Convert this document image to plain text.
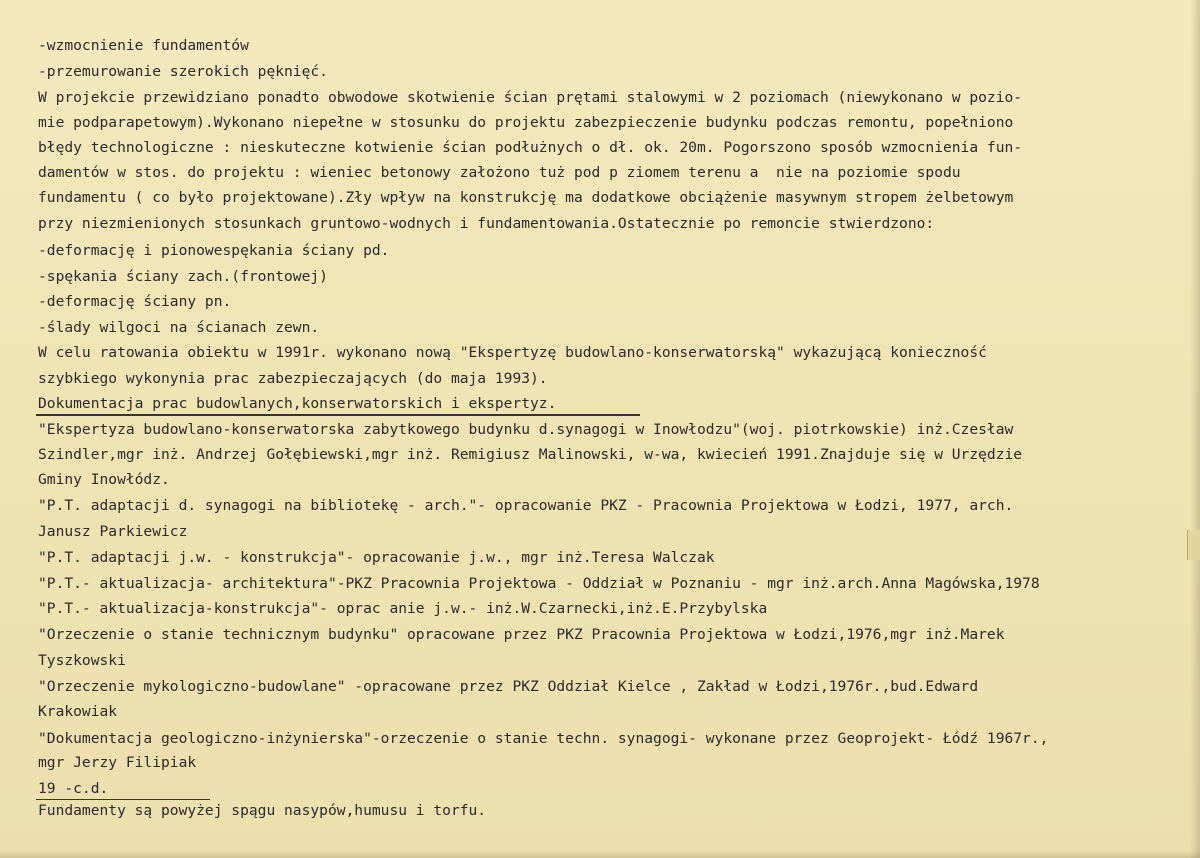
-wzmocnienie fundamentów
-przemurowanie szerokich pęknięć.
W projekcie przewidziano ponadto obwodowe skotwienie ścian prętami stalowymi w 2 poziomach (niewykonano w pozio-
mie podparapetowym).Wykonano niepełne w stosunku do projektu zabezpieczenie budynku podczas remontu, popełniono
błędy technologiczne : nieskuteczne kotwienie ścian podłużnych o dł. ok. 20m. Pogorszono sposób wzmocnienia fun-
damentów w stos. do projektu : wieniec betonowy założono tuż pod p ziomem terenu a  nie na poziomie spodu
fundamentu ( co było projektowane).Zły wpływ na konstrukcję ma dodatkowe obciążenie masywnym stropem żelbetowym
przy niezmienionych stosunkach gruntowo-wodnych i fundamentowania.Ostatecznie po remoncie stwierdzono:
-deformację i pionowespękania ściany pd.
-spękania ściany zach.(frontowej)
-deformację ściany pn.
-ślady wilgoci na ścianach zewn.
W celu ratowania obiektu w 1991r. wykonano nową "Ekspertyzę budowlano-konserwatorską" wykazującą konieczność
szybkiego wykonynia prac zabezpieczających (do maja 1993).
Dokumentacja prac budowlanych,konserwatorskich i ekspertyz.
"Ekspertyza budowlano-konserwatorska zabytkowego budynku d.synagogi w Inowłodzu"(woj. piotrkowskie) inż.Czesław
Szindler,mgr inż. Andrzej Gołębiewski,mgr inż. Remigiusz Malinowski, w-wa, kwiecień 1991.Znajduje się w Urzędzie
Gminy Inowłódz.
"P.T. adaptacji d. synagogi na bibliotekę - arch."- opracowanie PKZ - Pracownia Projektowa w Łodzi, 1977, arch.
Janusz Parkiewicz
"P.T. adaptacji j.w. - konstrukcja"- opracowanie j.w., mgr inż.Teresa Walczak
"P.T.- aktualizacja- architektura"-PKZ Pracownia Projektowa - Oddział w Poznaniu - mgr inż.arch.Anna Magówska,1978
"P.T.- aktualizacja-konstrukcja"- oprac anie j.w.- inż.W.Czarnecki,inż.E.Przybylska
"Orzeczenie o stanie technicznym budynku" opracowane przez PKZ Pracownia Projektowa w Łodzi,1976,mgr inż.Marek
Tyszkowski
"Orzeczenie mykologiczno-budowlane" -opracowane przez PKZ Oddział Kielce , Zakład w Łodzi,1976r.,bud.Edward
Krakowiak
"Dokumentacja geologiczno-inżynierska"-orzeczenie o stanie techn. synagogi- wykonane przez Geoprojekt- Łódź 1967r.,
mgr Jerzy Filipiak
19 -c.d.
Fundamenty są powyżej spągu nasypów,humusu i torfu.
